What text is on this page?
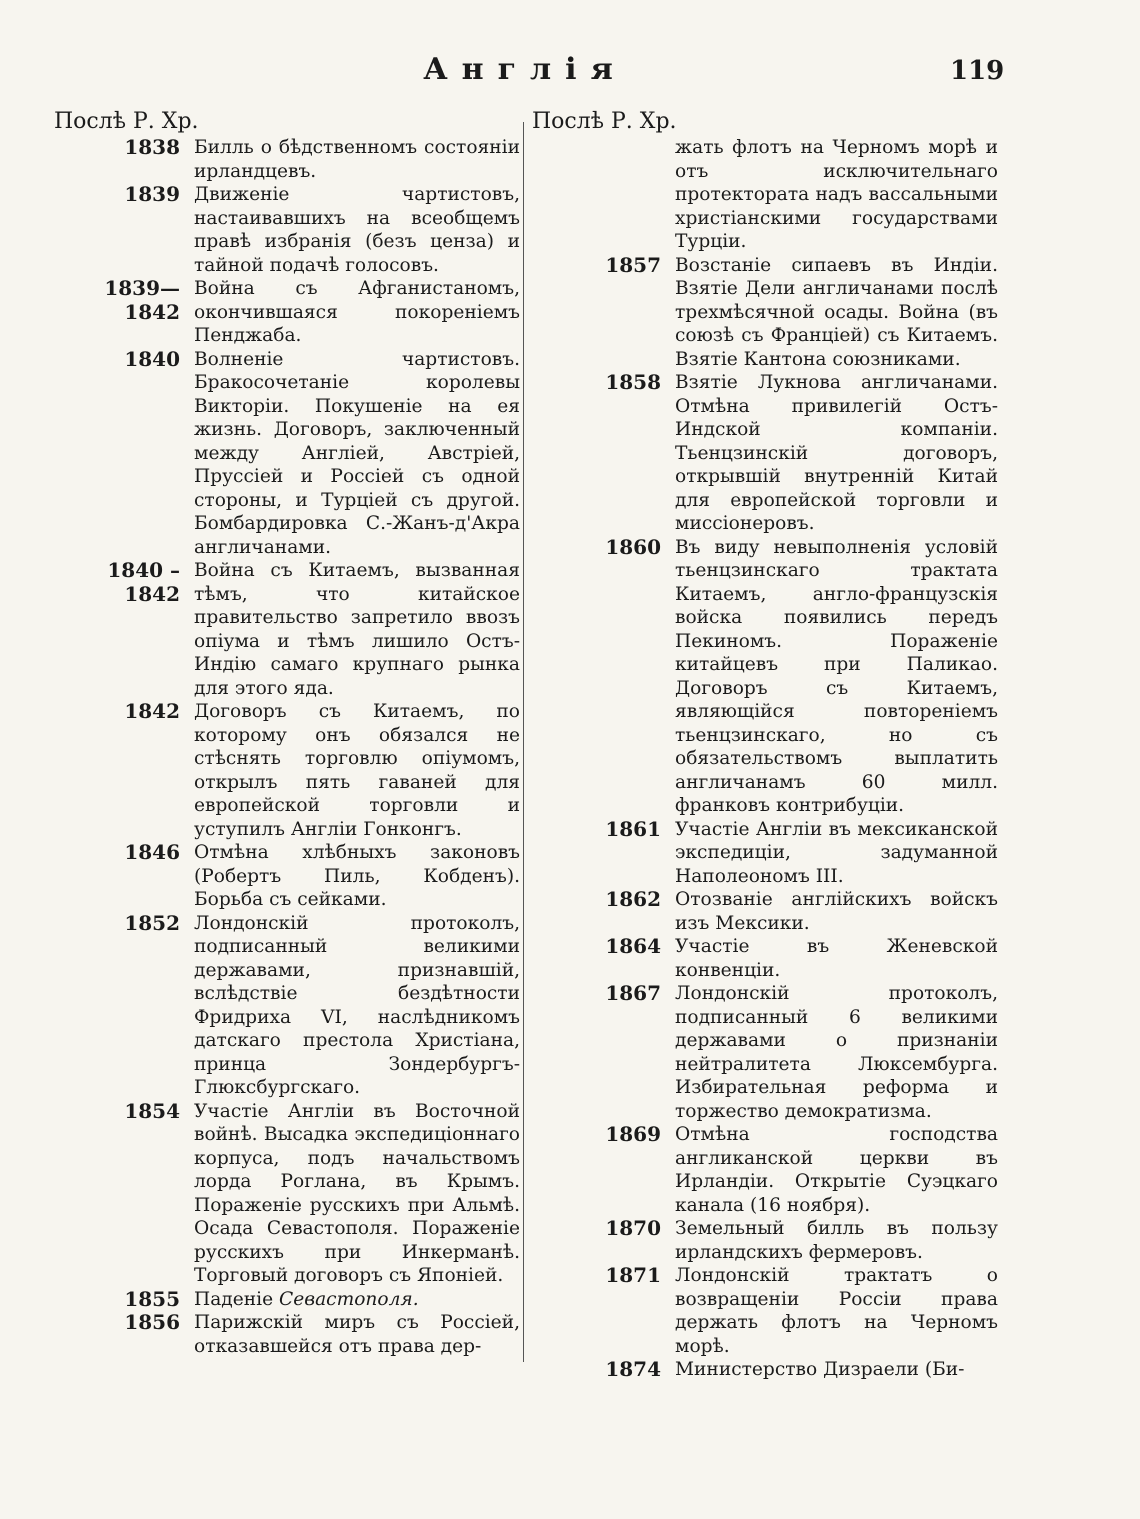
Англія	119
Послѣ Р. Хр.
1838 Билль о бѣдственномъ состояніи ирландцевъ.

1839 Движеніе чартистовъ, настаивавшихъ на всеобщемъ правѣ избранія (безъ ценза) и тайной подачѣ голосовъ.

1839—1842

Война съ Афганистаномъ, окончившаяся покореніемъ Пенджаба.

1840 Волненіе чартистовъ. Бракосочетаніе королевы Викторіи. Покушеніе на ея жизнь. Договоръ, заключенный между Англіей, Австріей, Пруссіей и Россіей съ одной стороны, и Турціей съ другой. Бомбардировка С.-Жанъ-д'Акра англичанами.

1840 –1842

Война съ Китаемъ, вызванная тѣмъ, что китайское правительство запретило ввозъ опіума и тѣмъ лишило Остъ-Индію самаго крупнаго рынка для этого яда.

1842 Договоръ съ Китаемъ, по которому онъ обязался не стѣснять торговлю опіумомъ, открылъ пять гаваней для европейской торговли и уступилъ Англіи Гонконгъ.

1846 Отмѣна хлѣбныхъ законовъ (Робертъ Пиль, Кобденъ). Борьба съ сейками.

1852 Лондонскій протоколъ, подписанный великими державами, признавшій, вслѣдствіе бездѣтности Фридриха VI, наслѣдникомъ датскаго престола Христіана, принца Зондербургъ-Глюксбургскаго.

1854 Участіе Англіи въ Восточной войнѣ. Высадка экспедиціоннаго корпуса, подъ начальствомъ лорда Роглана, въ Крымъ. Пораженіе русскихъ при Альмѣ. Осада Севастополя. Пораженіе русскихъ при Инкерманѣ. Торговый договоръ съ Японіей.

1855 Паденіе Севастополя.

1856 Парижскій миръ съ Россіей, отказавшейся отъ права дер-

Послѣ Р. Хр.

жать флотъ на Черномъ морѣ и отъ исключительнаго протектората надъ вассальными христіанскими государствами Турціи.

1857 Возстаніе сипаевъ въ Индіи. Взятіе Дели англичанами послѣ трехмѣсячной осады. Война (въ союзѣ съ Франціей) съ Китаемъ. Взятіе Кантона союзниками.

1858 Взятіе Лукнова англичанами. Отмѣна привилегій Остъ-Индской компаніи. Тьенцзинскій договоръ, открывшій внутренній Китай для европейской торговли и миссіонеровъ.

1860 Въ виду невыполненія условій тьенцзинскаго трактата Китаемъ, англо-французскія войска появились передъ Пекиномъ. Пораженіе китайцевъ при Паликао. Договоръ съ Китаемъ, являющійся повтореніемъ тьенцзинскаго, но съ обязательствомъ выплатить англичанамъ 60 милл. франковъ контрибуціи.

1861 Участіе Англіи въ мексиканской экспедиціи, задуманной Наполеономъ III.

1862 Отозваніе англійскихъ войскъ изъ Мексики.

1864 Участіе въ Женевской конвенціи.

1867 Лондонскій протоколъ, подписанный 6 великими державами о признаніи нейтралитета Люксембурга. Избирательная реформа и торжество демократизма.

1869 Отмѣна господства англиканской церкви въ Ирландіи. Открытіе Суэцкаго канала (16 ноября).

1870 Земельный билль въ пользу ирландскихъ фермеровъ.

1871 Лондонскій трактатъ о возвращеніи Россіи права держать флотъ на Черномъ морѣ.

1874 Министерство Дизраели (Би-
